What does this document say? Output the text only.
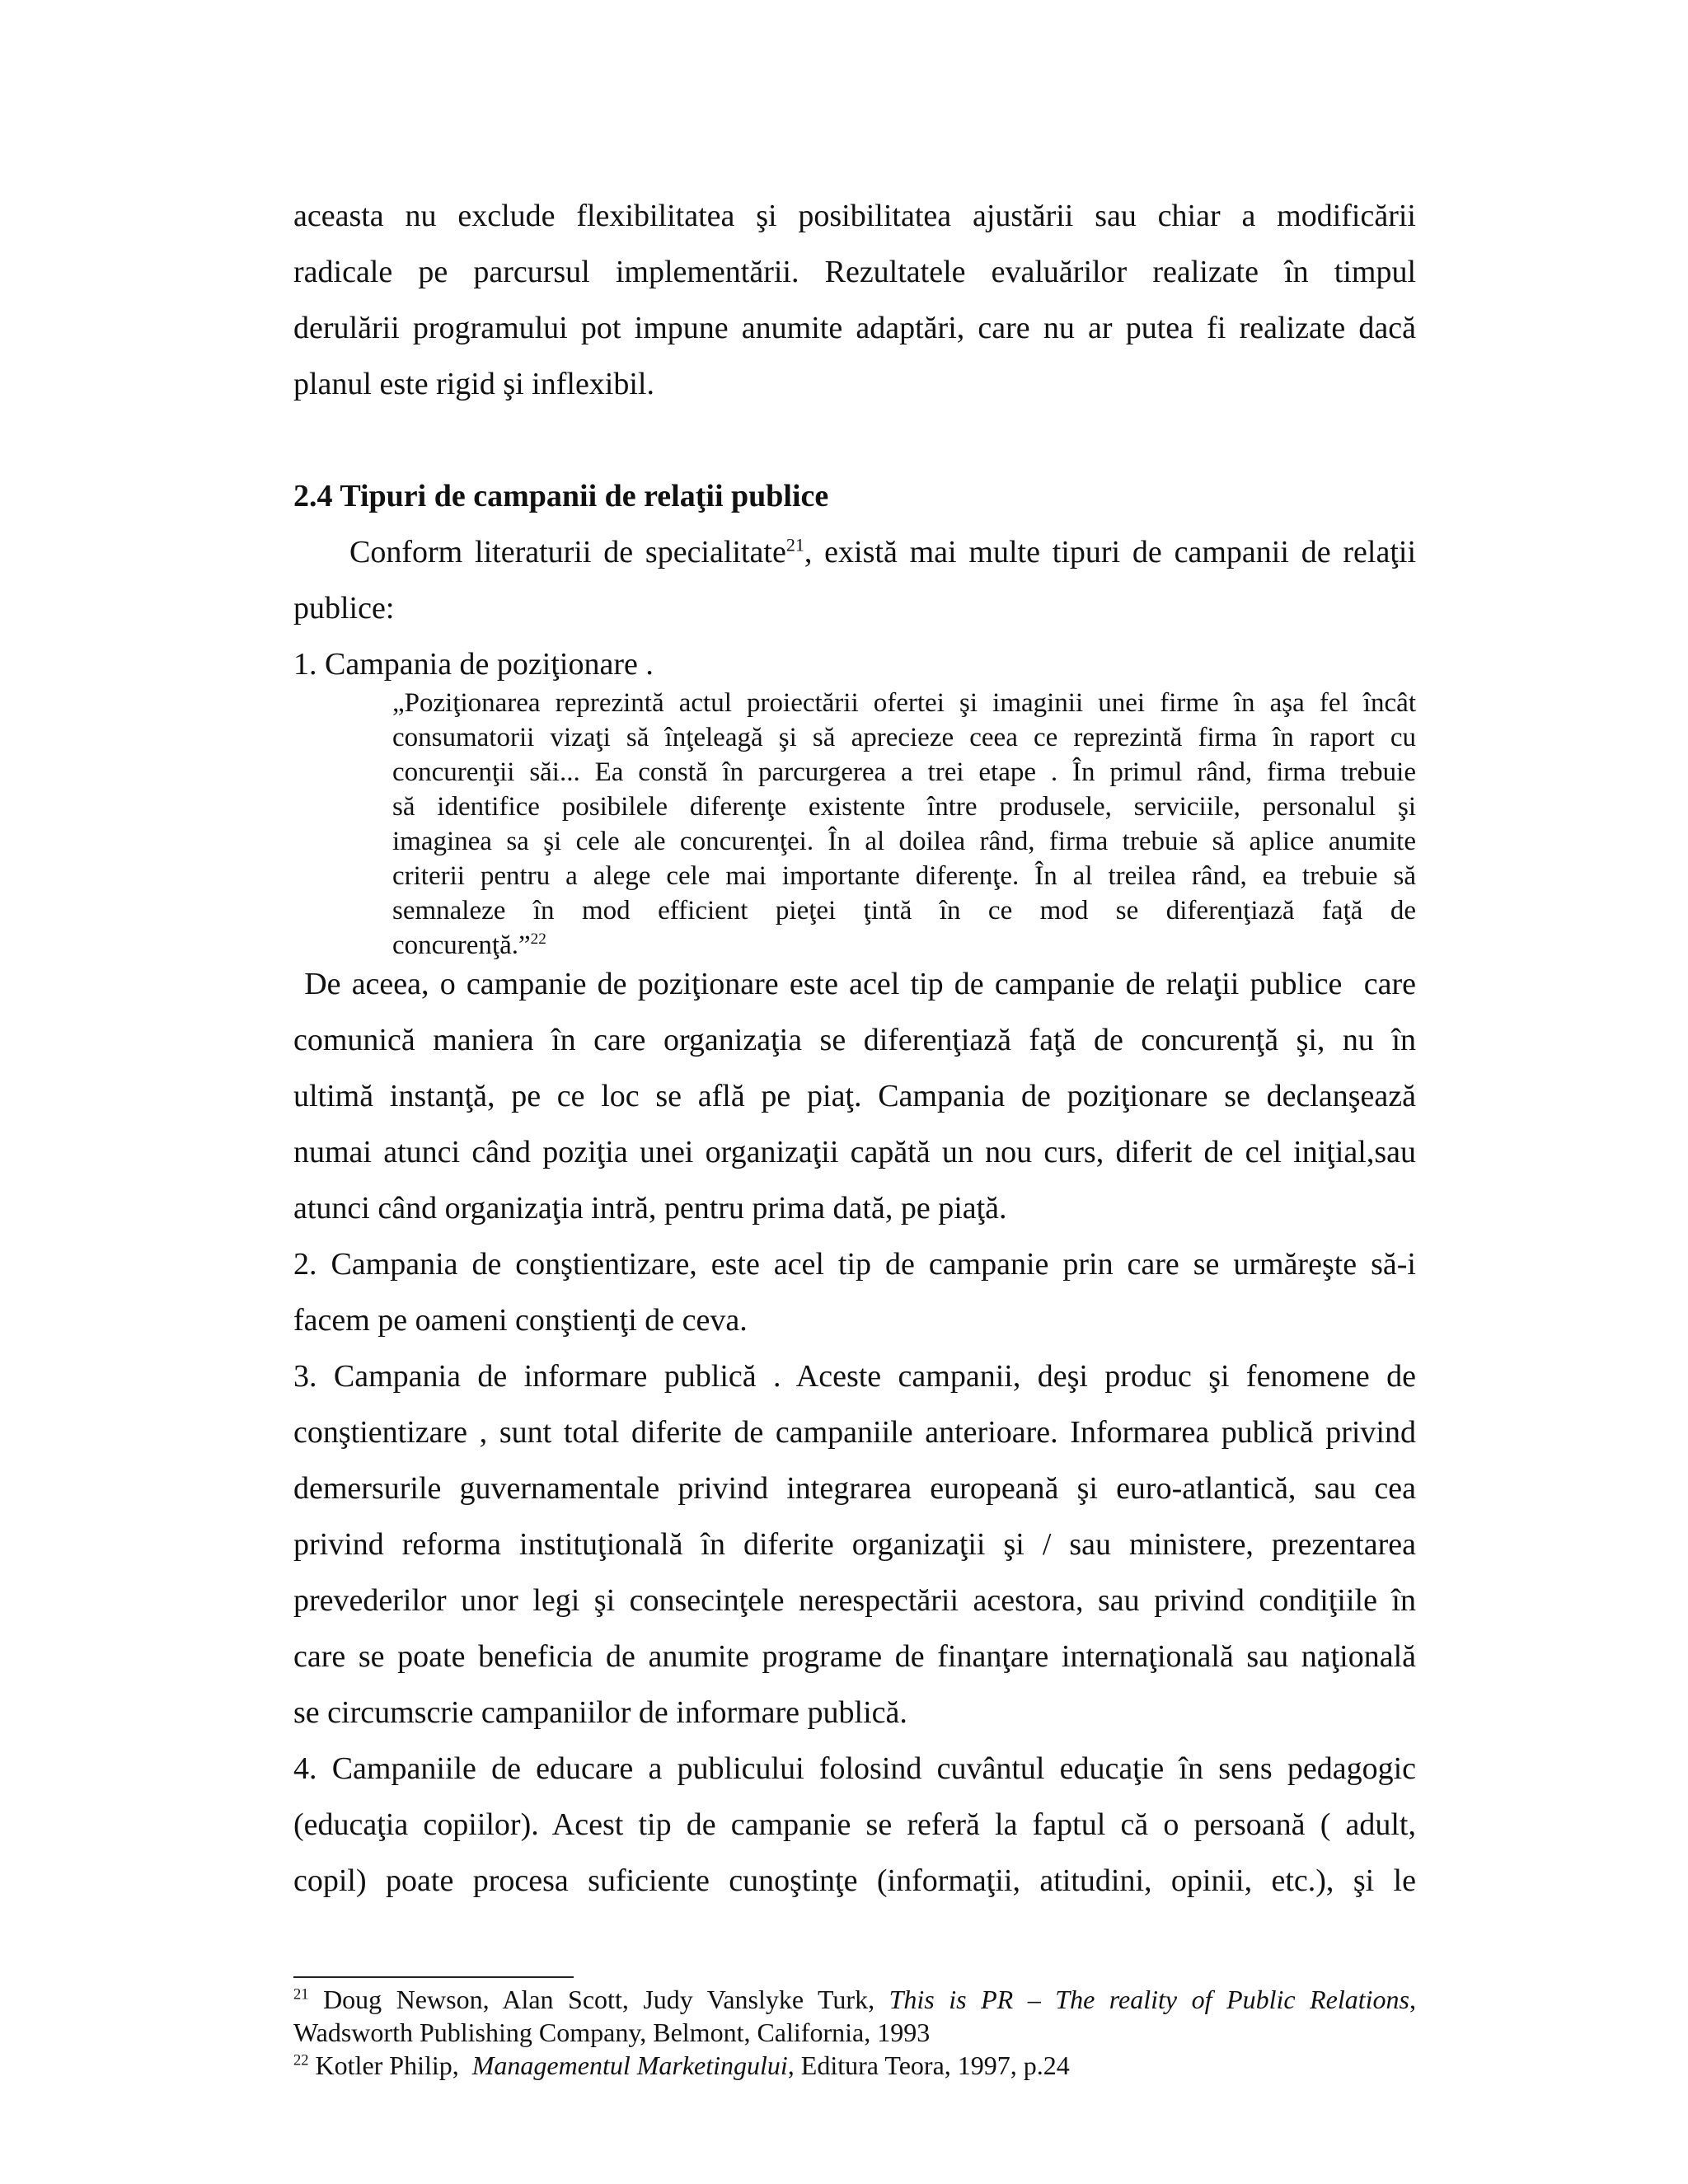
aceasta nu exclude flexibilitatea şi posibilitatea ajustării sau chiar a modificării

radicale pe parcursul implementării. Rezultatele evaluărilor realizate în timpul

derulării programului pot impune anumite adaptări, care nu ar putea fi realizate dacă

planul este rigid şi inflexibil.

2.4 Tipuri de campanii de relaţii publice

Conform literaturii de specialitate$^{21}$, există mai multe tipuri de campanii de relaţii

publice:

1. Campania de poziţionare .

„Poziţionarea reprezintă actul proiectării ofertei şi imaginii unei firme în aşa fel încât

consumatorii vizaţi să înţeleagă şi să aprecieze ceea ce reprezintă firma în raport cu

concurenţii săi... Ea constă în parcurgerea a trei etape . În primul rând, firma trebuie

să identifice posibilele diferenţe existente între produsele, serviciile, personalul şi

imaginea sa şi cele ale concurenţei. În al doilea rând, firma trebuie să aplice anumite

criterii pentru a alege cele mai importante diferenţe. În al treilea rând, ea trebuie să

semnaleze în mod efficient pieţei ţintă în ce mod se diferenţiază faţă de

concurenţă.”$^{22}$

De aceea, o campanie de poziţionare este acel tip de campanie de relaţii publice  care

comunică maniera în care organizaţia se diferenţiază faţă de concurenţă şi, nu în

ultimă instanţă, pe ce loc se află pe piaţ. Campania de poziţionare se declanşează

numai atunci când poziţia unei organizaţii capătă un nou curs, diferit de cel iniţial,sau

atunci când organizaţia intră, pentru prima dată, pe piaţă.

2. Campania de conştientizare, este acel tip de campanie prin care se urmăreşte să-i

facem pe oameni conştienţi de ceva.

3. Campania de informare publică . Aceste campanii, deşi produc şi fenomene de

conştientizare , sunt total diferite de campaniile anterioare. Informarea publică privind

demersurile guvernamentale privind integrarea europeană şi euro-atlantică, sau cea

privind reforma instituţională în diferite organizaţii şi / sau ministere, prezentarea

prevederilor unor legi şi consecinţele nerespectării acestora, sau privind condiţiile în

care se poate beneficia de anumite programe de finanţare internaţională sau naţională

se circumscrie campaniilor de informare publică.

4. Campaniile de educare a publicului folosind cuvântul educaţie în sens pedagogic

(educaţia copiilor). Acest tip de campanie se referă la faptul că o persoană ( adult,

copil) poate procesa suficiente cunoştinţe (informaţii, atitudini, opinii, etc.), şi le

$^{21}$ Doug Newson, Alan Scott, Judy Vanslyke Turk, This is PR – The reality of Public Relations,

Wadsworth Publishing Company, Belmont, California, 1993

$^{22}$ Kotler Philip,  Managementul Marketingului, Editura Teora, 1997, p.24
